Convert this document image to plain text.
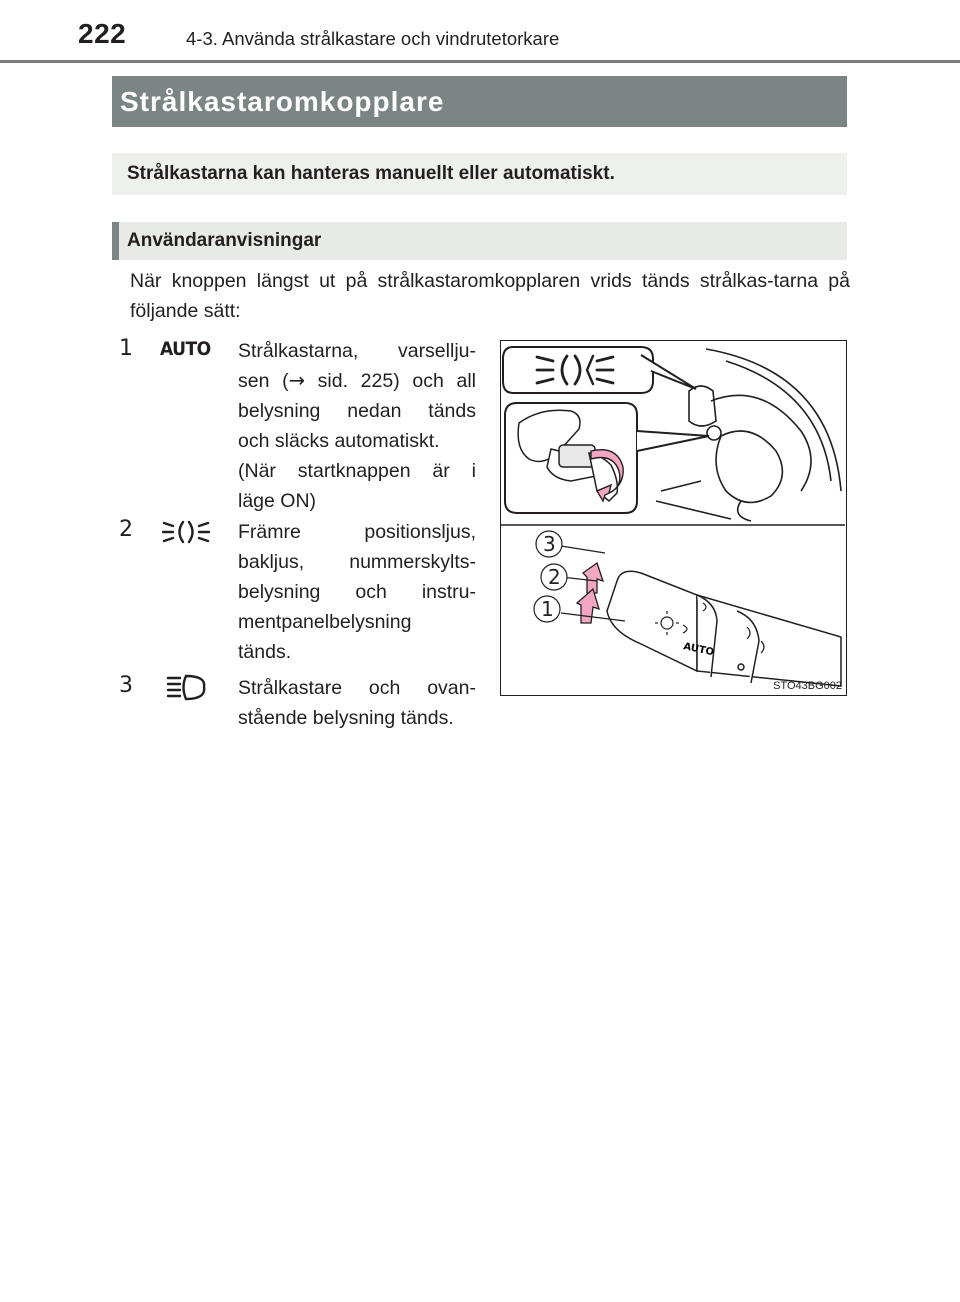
222	4-3. Använda strålkastare och vindrutetorkare
Strålkastaromkopplare
Strålkastarna kan hanteras manuellt eller automatiskt.
Användaranvisningar
När knoppen längst ut på strålkastaromkopplaren vrids tänds strålkas-tarna på följande sätt:
1 AUTO Strålkastarna, varsellju-
sen (→ sid. 225) och all
belysning nedan tänds
och släcks automatiskt.
(När startknappen är i
läge ON)
2	Främre positionsljus,
bakljus, nummerskylts-
belysning och instru-
mentpanelbelysning
tänds.
3	Strålkastare och ovan-
stående belysning tänds.
AUTO
3
2
1
STO43BG002
